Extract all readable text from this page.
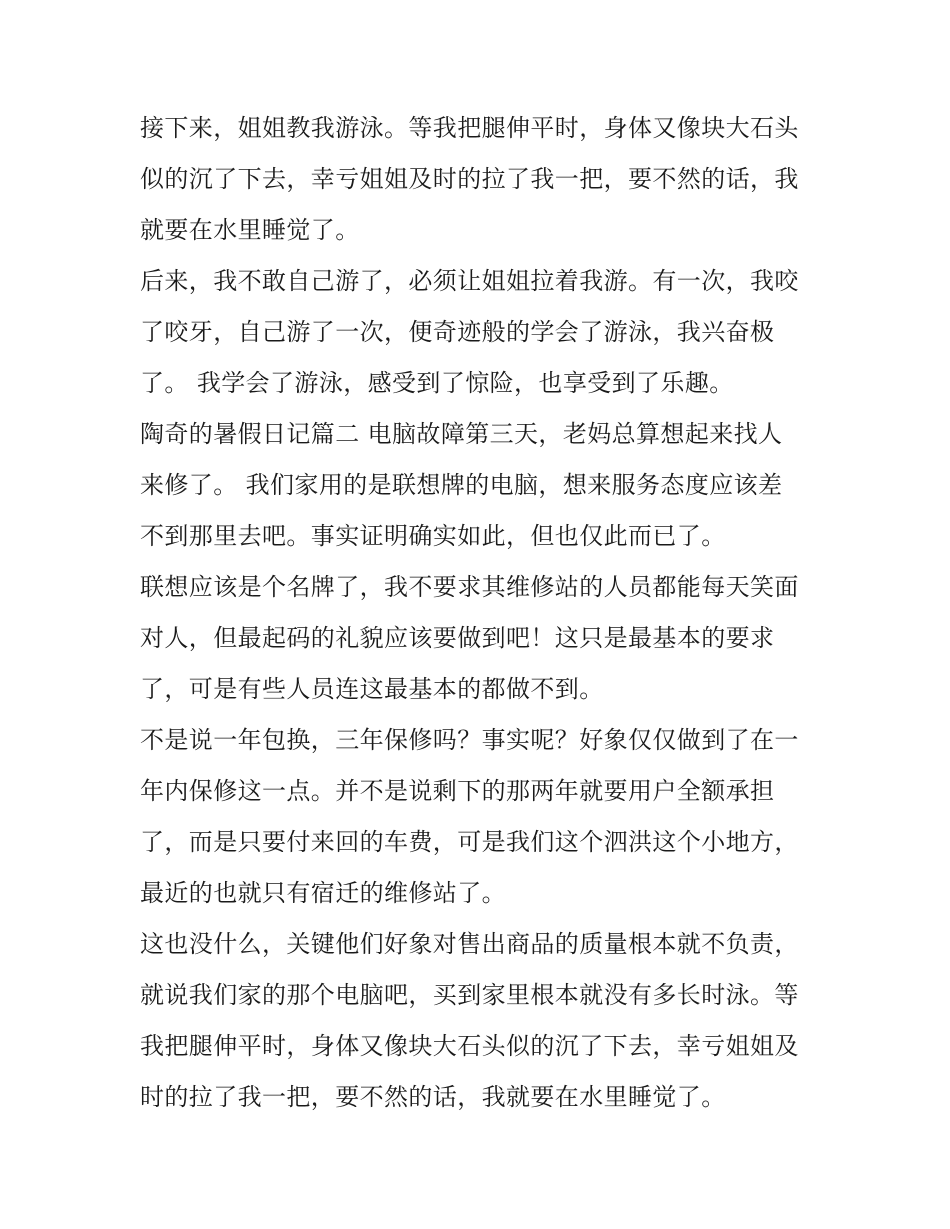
接下来，姐姐教我游泳。等我把腿伸平时，身体又像块大石头
似的沉了下去，幸亏姐姐及时的拉了我一把，要不然的话，我
就要在水里睡觉了。
后来，我不敢自己游了，必须让姐姐拉着我游。有一次，我咬
了咬牙，自己游了一次，便奇迹般的学会了游泳，我兴奋极
了。 我学会了游泳，感受到了惊险，也享受到了乐趣。
陶奇的暑假日记篇二 电脑故障第三天，老妈总算想起来找人
来修了。 我们家用的是联想牌的电脑，想来服务态度应该差
不到那里去吧。事实证明确实如此，但也仅此而已了。
联想应该是个名牌了，我不要求其维修站的人员都能每天笑面
对人，但最起码的礼貌应该要做到吧！这只是最基本的要求
了，可是有些人员连这最基本的都做不到。
不是说一年包换，三年保修吗？事实呢？好象仅仅做到了在一
年内保修这一点。并不是说剩下的那两年就要用户全额承担
了，而是只要付来回的车费，可是我们这个泗洪这个小地方，
最近的也就只有宿迁的维修站了。
这也没什么，关键他们好象对售出商品的质量根本就不负责，
就说我们家的那个电脑吧，买到家里根本就没有多长时泳。等
我把腿伸平时，身体又像块大石头似的沉了下去，幸亏姐姐及
时的拉了我一把，要不然的话，我就要在水里睡觉了。
